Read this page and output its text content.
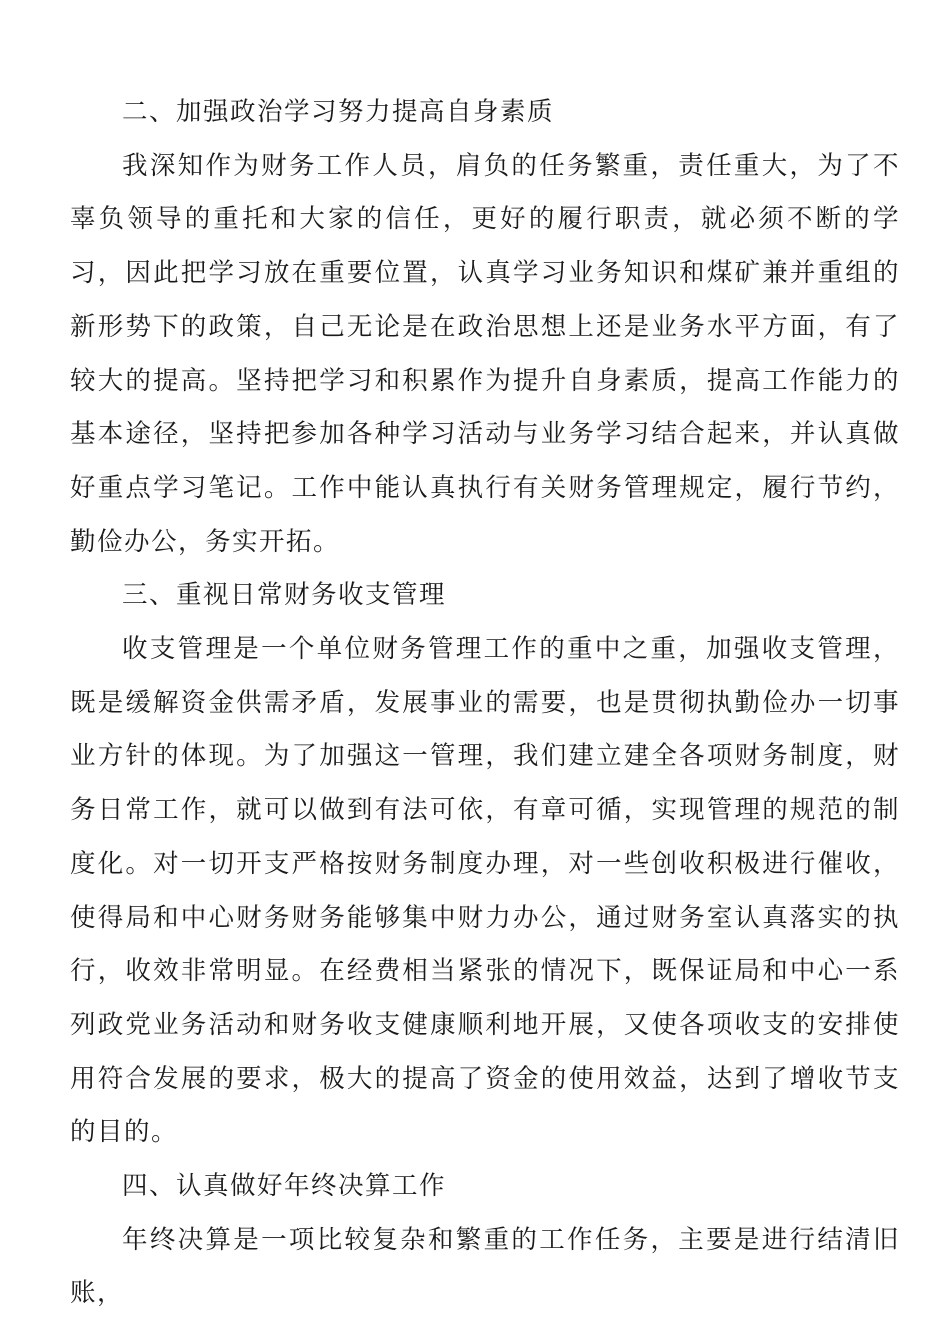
二、加强政治学习努力提高自身素质

我深知作为财务工作人员，肩负的任务繁重，责任重大，为了不辜负领导的重托和大家的信任，更好的履行职责，就必须不断的学习，因此把学习放在重要位置，认真学习业务知识和煤矿兼并重组的新形势下的政策，自己无论是在政治思想上还是业务水平方面，有了较大的提高。坚持把学习和积累作为提升自身素质，提高工作能力的基本途径，坚持把参加各种学习活动与业务学习结合起来，并认真做好重点学习笔记。工作中能认真执行有关财务管理规定，履行节约，勤俭办公，务实开拓。

三、重视日常财务收支管理

收支管理是一个单位财务管理工作的重中之重，加强收支管理，既是缓解资金供需矛盾，发展事业的需要，也是贯彻执勤俭办一切事业方针的体现。为了加强这一管理，我们建立建全各项财务制度，财务日常工作，就可以做到有法可依，有章可循，实现管理的规范的制度化。对一切开支严格按财务制度办理，对一些创收积极进行催收，使得局和中心财务财务能够集中财力办公，通过财务室认真落实的执行，收效非常明显。在经费相当紧张的情况下，既保证局和中心一系列政党业务活动和财务收支健康顺利地开展，又使各项收支的安排使用符合发展的要求，极大的提高了资金的使用效益，达到了增收节支的目的。

四、认真做好年终决算工作

年终决算是一项比较复杂和繁重的工作任务，主要是进行结清旧账，
